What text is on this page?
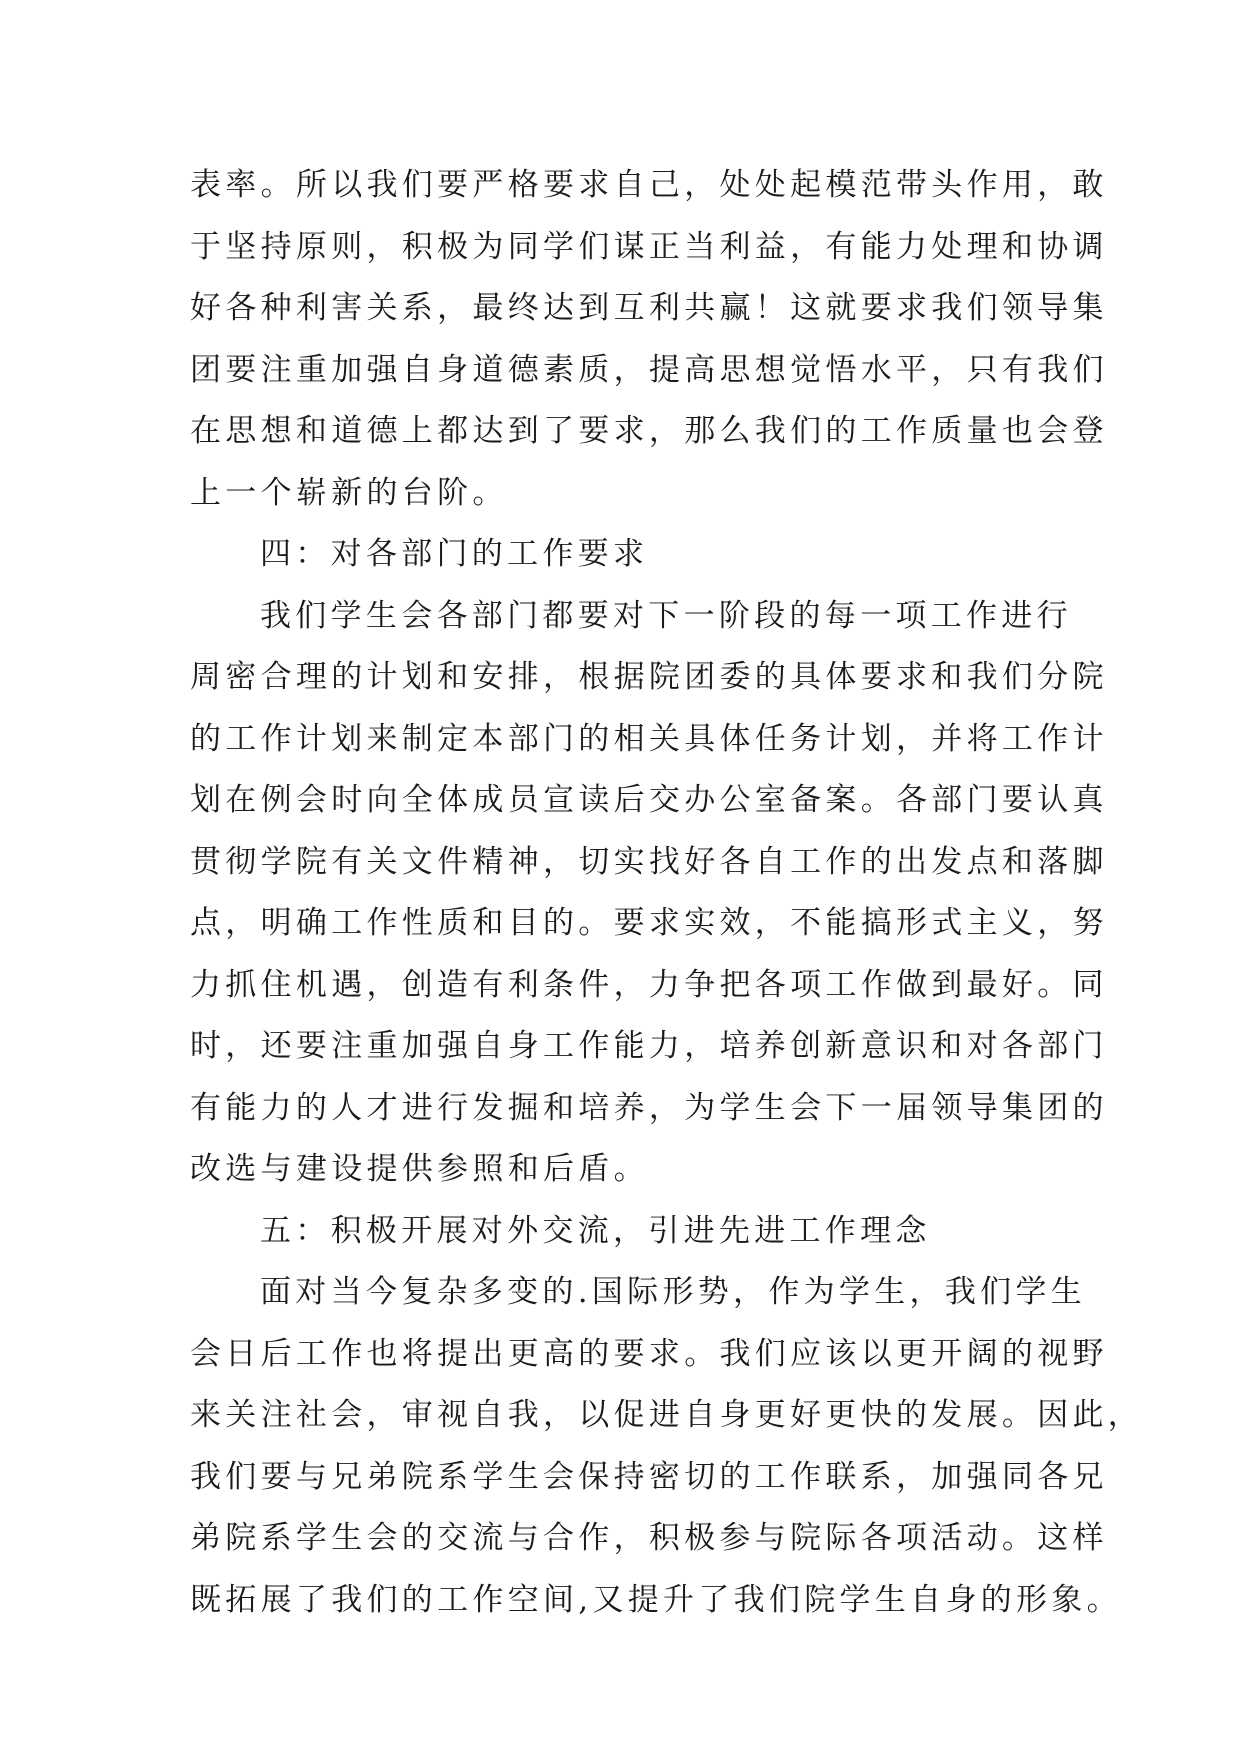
表率。所以我们要严格要求自己，处处起模范带头作用，敢
于坚持原则，积极为同学们谋正当利益，有能力处理和协调
好各种利害关系，最终达到互利共赢！这就要求我们领导集
团要注重加强自身道德素质，提高思想觉悟水平，只有我们
在思想和道德上都达到了要求，那么我们的工作质量也会登
上一个崭新的台阶。
四：对各部门的工作要求
我们学生会各部门都要对下一阶段的每一项工作进行
周密合理的计划和安排，根据院团委的具体要求和我们分院
的工作计划来制定本部门的相关具体任务计划，并将工作计
划在例会时向全体成员宣读后交办公室备案。各部门要认真
贯彻学院有关文件精神，切实找好各自工作的出发点和落脚
点，明确工作性质和目的。要求实效，不能搞形式主义，努
力抓住机遇，创造有利条件，力争把各项工作做到最好。同
时，还要注重加强自身工作能力，培养创新意识和对各部门
有能力的人才进行发掘和培养，为学生会下一届领导集团的
改选与建设提供参照和后盾。
五：积极开展对外交流，引进先进工作理念
面对当今复杂多变的.国际形势，作为学生，我们学生
会日后工作也将提出更高的要求。我们应该以更开阔的视野
来关注社会，审视自我，以促进自身更好更快的发展。因此，
我们要与兄弟院系学生会保持密切的工作联系，加强同各兄
弟院系学生会的交流与合作，积极参与院际各项活动。这样
既拓展了我们的工作空间,又提升了我们院学生自身的形象。
